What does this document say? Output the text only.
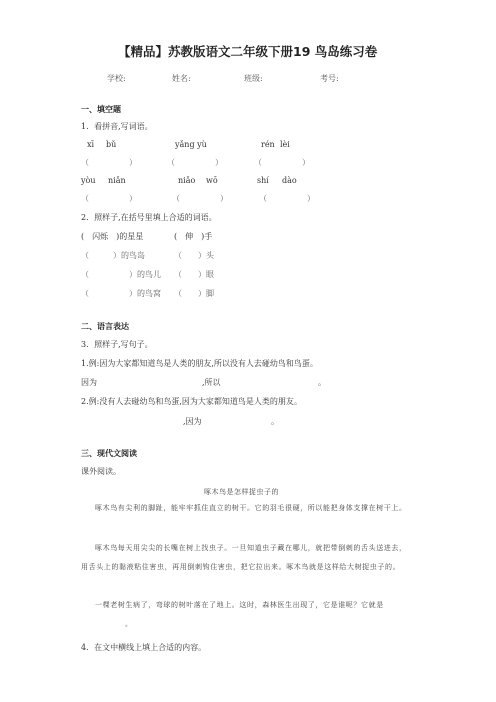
【精品】苏教版语文二年级下册19 鸟岛练习卷
学校:	姓名:	班级:	考号:
一、填空题
1．看拼音,写词语。
xī bǔ	yǎng yù	rén lèi
（　　　　　）	（　　　　　）	（　　　　　）
yòu niǎn	niǎo wō	shí dào
（　　　　　）	（　　　　　）	（　　　　　）
2．照样子,在括号里填上合适的词语。
(　闪烁　)的星星	(　伸　)手
（　　　）的鸟岛	（　　）头
（　　　　　）的鸟儿 （　　）眼
（　　　　　）的鸟窝 （　　）脚
二、语言表达
3．照样子,写句子。
1.例:因为大家都知道鸟是人类的朋友,所以没有人去碰幼鸟和鸟蛋。
因为	,所以	。
2.例:没有人去碰幼鸟和鸟蛋,因为大家都知道鸟是人类的朋友。
,因为	。
三、现代文阅读
课外阅读。
啄木鸟是怎样捉虫子的
啄木鸟有尖利的脚趾，能牢牢抓住直立的树干。它的羽毛很硬，所以能把身体支撑在树干上。
啄木鸟每天用尖尖的长嘴在树上找虫子。一旦知道虫子藏在哪儿，就把带倒刺的舌头送进去，用舌头上的黏液粘住害虫，再用倒刺钩住害虫，把它拉出来。啄木鸟就是这样给大树捉虫子的。
一棵老树生病了，弯球的树叶落在了地上。这时，森林医生出现了，它是谁呢？它就是。
4．在文中横线上填上合适的内容。
